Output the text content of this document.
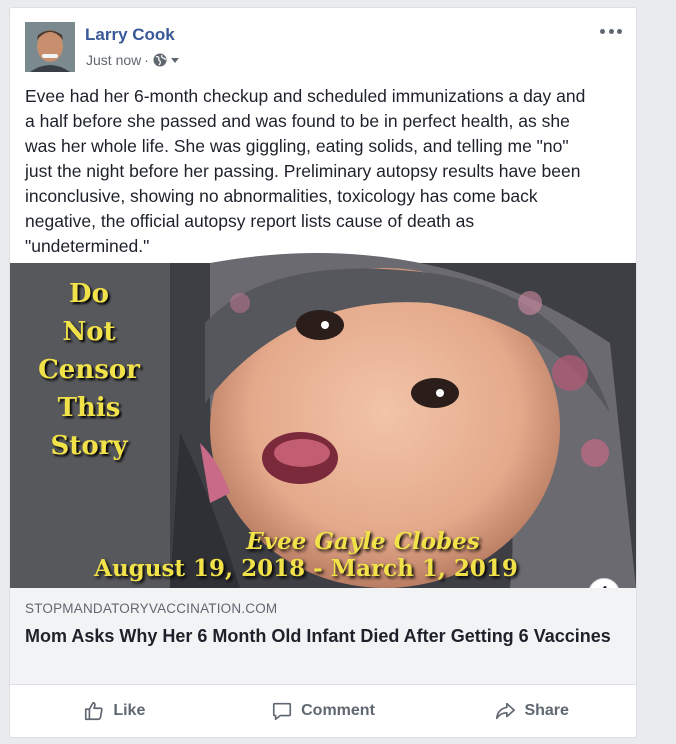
Larry Cook
Just now ·
Evee had her 6-month checkup and scheduled immunizations a day and
a half before she passed and was found to be in perfect health, as she
was her whole life. She was giggling, eating solids, and telling me "no"
just the night before her passing. Preliminary autopsy results have been
inconclusive, showing no abnormalities, toxicology has come back
negative, the official autopsy report lists cause of death as
"undetermined."
Do
Not
Censor
This
Story
Evee Gayle Clobes
August 19, 2018 - March 1, 2019
STOPMANDATORYVACCINATION.COM
Mom Asks Why Her 6 Month Old Infant Died After Getting 6 Vaccines
Like	Comment	Share
